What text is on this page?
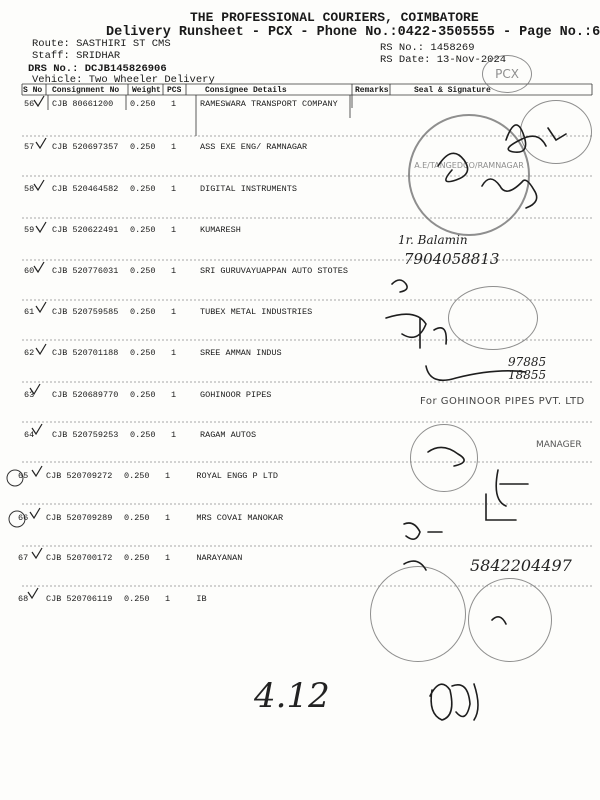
THE PROFESSIONAL COURIERS, COIMBATORE
Delivery Runsheet - PCX - Phone No.:0422-3505555 - Page No.:6
Route: SASTHIRI ST CMS
Staff: SRIDHAR
DRS No.: DCJB145826906
Vehicle: Two Wheeler Delivery
RS No.: 1458269
RS Date: 13-Nov-2024
S No Consignment No Weight PCS	Consignee Details	Remarks	Seal & Signature
56 CJB 80661200 0.250 1	RAMESWARA TRANSPORT COMPANY
57 CJB 520697357 0.250 1	ASS EXE ENG/ RAMNAGAR
58 CJB 520464582 0.250 1	DIGITAL INSTRUMENTS
59 CJB 520622491 0.250 1	KUMARESH
60 CJB 520776031 0.250 1	SRI GURUVAYUAPPAN AUTO STOTES
61 CJB 520759585 0.250 1	TUBEX METAL INDUSTRIES
62 CJB 520701188 0.250 1	SREE AMMAN INDUS
63 CJB 520689770 0.250 1	GOHINOOR PIPES
64 CJB 520759253 0.250 1	RAGAM AUTOS
65 CJB 520709272 0.250 1	ROYAL ENGG P LTD
66 CJB 520709289 0.250 1	MRS COVAI MANOKAR
67 CJB 520700172 0.250 1	NARAYANAN
68 CJB 520706119 0.250 1	IB
PCX
A.E/TANGEDCO/RAMNAGAR
For GOHINOOR PIPES PVT. LTD
MANAGER
1r. Balamin
7904058813
97885 18855
5842204497
4.12
